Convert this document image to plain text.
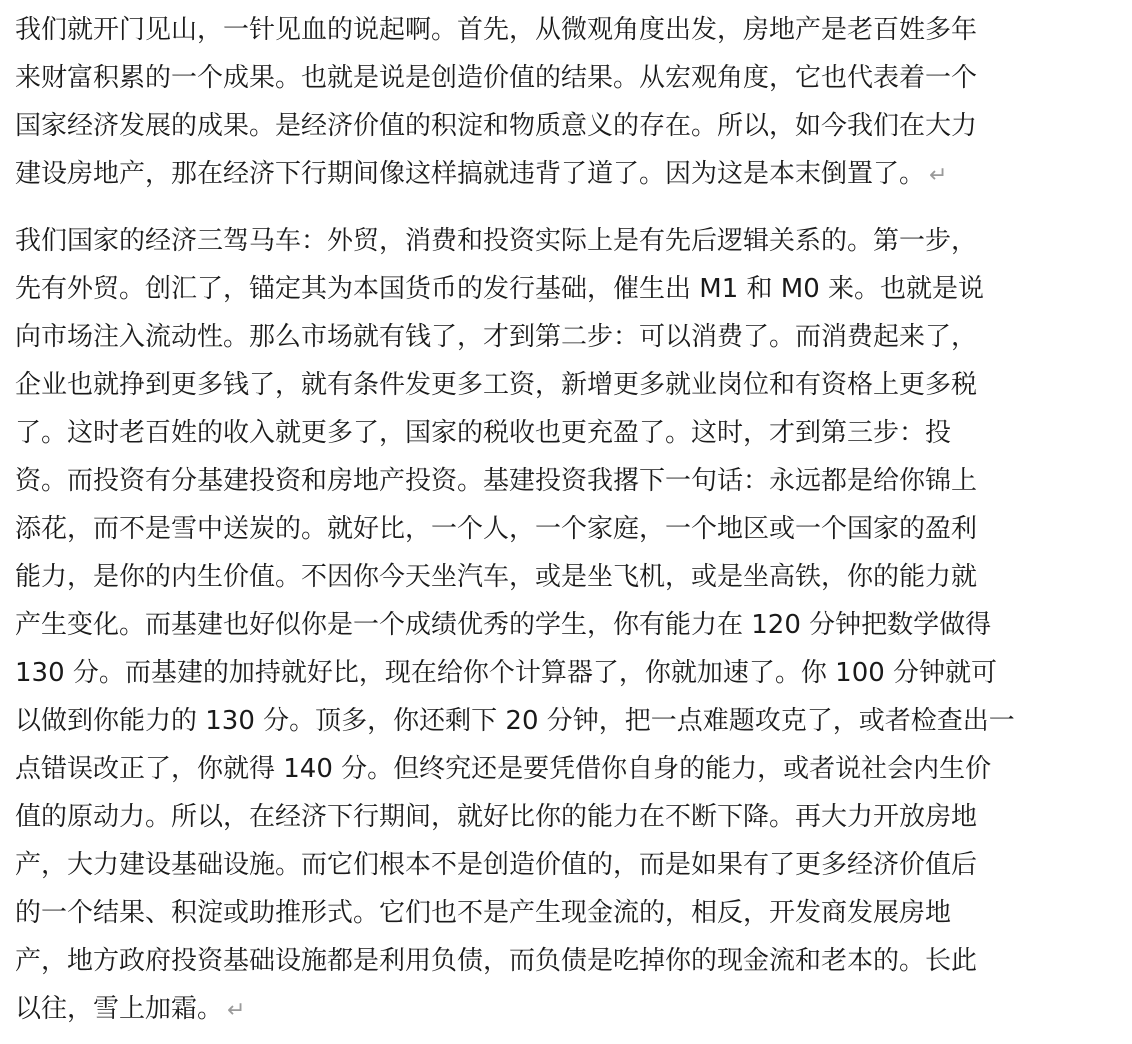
我们就开门见山，一针见血的说起啊。首先，从微观角度出发，房地产是老百姓多年
来财富积累的一个成果。也就是说是创造价值的结果。从宏观角度，它也代表着一个
国家经济发展的成果。是经济价值的积淀和物质意义的存在。所以，如今我们在大力
建设房地产，那在经济下行期间像这样搞就违背了道了。因为这是本末倒置了。 ↵
我们国家的经济三驾马车：外贸，消费和投资实际上是有先后逻辑关系的。第一步，
先有外贸。创汇了，锚定其为本国货币的发行基础，催生出 M1 和 M0 来。也就是说
向市场注入流动性。那么市场就有钱了，才到第二步：可以消费了。而消费起来了，
企业也就挣到更多钱了，就有条件发更多工资，新增更多就业岗位和有资格上更多税
了。这时老百姓的收入就更多了，国家的税收也更充盈了。这时，才到第三步：投
资。而投资有分基建投资和房地产投资。基建投资我撂下一句话：永远都是给你锦上
添花，而不是雪中送炭的。就好比，一个人，一个家庭，一个地区或一个国家的盈利
能力，是你的内生价值。不因你今天坐汽车，或是坐飞机，或是坐高铁，你的能力就
产生变化。而基建也好似你是一个成绩优秀的学生，你有能力在 120 分钟把数学做得
130 分。而基建的加持就好比，现在给你个计算器了，你就加速了。你 100 分钟就可
以做到你能力的 130 分。顶多，你还剩下 20 分钟，把一点难题攻克了，或者检查出一
点错误改正了，你就得 140 分。但终究还是要凭借你自身的能力，或者说社会内生价
值的原动力。所以，在经济下行期间，就好比你的能力在不断下降。再大力开放房地
产，大力建设基础设施。而它们根本不是创造价值的，而是如果有了更多经济价值后
的一个结果、积淀或助推形式。它们也不是产生现金流的，相反，开发商发展房地
产，地方政府投资基础设施都是利用负债，而负债是吃掉你的现金流和老本的。长此
以往，雪上加霜。 ↵
